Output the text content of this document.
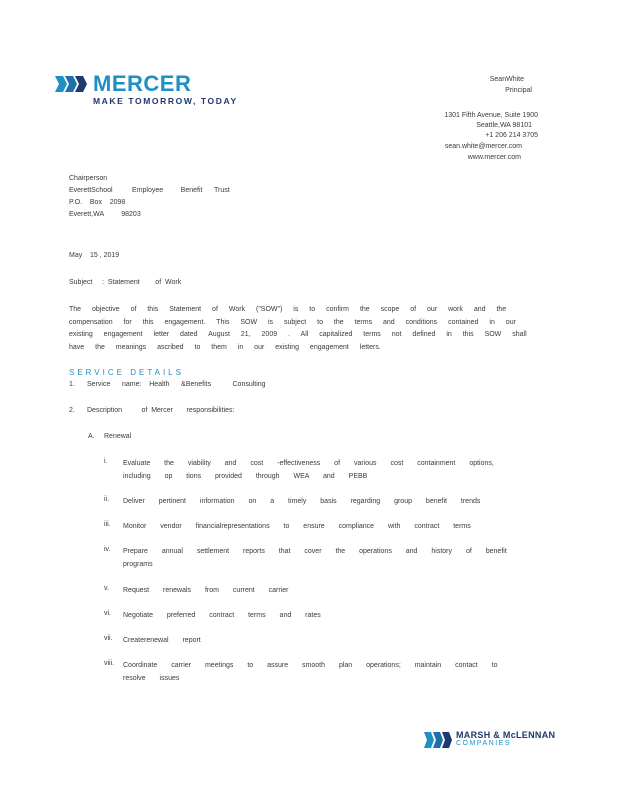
MERCER
MAKE TOMORROW, TODAY
SeanWhite
Principal
1301 Fifth Avenue, Suite 1900
Seattle,WA 98101
+1 206 214 3705
sean.white@mercer.com
www.mercer.com
Chairperson
EverettSchool          Employee         Benefit      Trust
P.O.    Box    2098
Everett,WA         98203
May    15 , 2019
Subject :  Statement        of  Work
The objective of this Statement of Work ("SOW") is to confirm the scope of our work and the compensation for this engagement. This SOW is subject to the terms and conditions contained in our existing engagement letter dated August 21, 2009 . All capitalized terms not defined in this SOW shall have the meanings ascribed to them in our existing engagement letters.
SERVICE DETAILS
1. Service      name:    Health      &Benefits           Consulting
2. Description          of  Mercer       responsibilities:
A. Renewal
i. Evaluate the viability and cost -effectiveness of various cost containment options, including op tions provided through WEA and PEBB
ii. Deliver pertinent information on a timely basis regarding group benefit trends
iii. Monitor vendor financialrepresentations to ensure compliance with contract terms
iv. Prepare annual settlement reports that cover the operations and history of benefit programs
v. Request renewals from current carrier
vi. Negotiate preferred contract terms and rates
vii. Createrenewal report
viii. Coordinate carrier meetings to assure smooth plan operations; maintain contact to resolve issues
MARSH & McLENNAN
COMPANIES
